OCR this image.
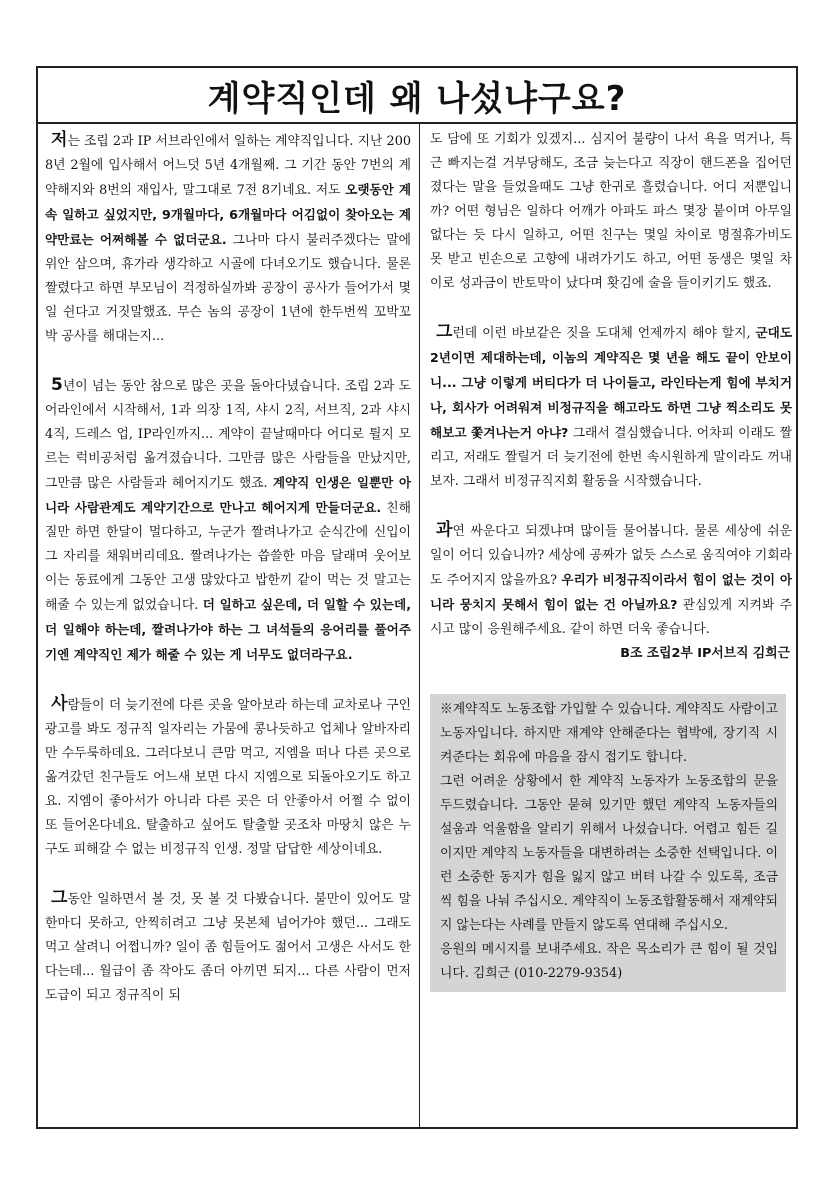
계약직인데 왜 나섰냐구요?

저는 조립 2과 IP 서브라인에서 일하는 계약직입니다. 지난 2008년 2월에 입사해서 어느덧 5년 4개월째. 그 기간 동안 7번의 계약해지와 8번의 재입사, 말그대로 7전 8기네요. 저도 오랫동안 계속 일하고 싶었지만, 9개월마다, 6개월마다 어김없이 찾아오는 계약만료는 어쩌해볼 수 없더군요. 그나마 다시 불러주겠다는 말에 위안 삼으며, 휴가라 생각하고 시골에 다녀오기도 했습니다. 물론 짤렸다고 하면 부모님이 걱정하실까봐 공장이 공사가 들어가서 몇일 쉰다고 거짓말했죠. 무슨 놈의 공장이 1년에 한두번씩 꼬박꼬박 공사를 해대는지...

5년이 넘는 동안 참으로 많은 곳을 돌아다녔습니다. 조립 2과 도어라인에서 시작해서, 1과 의장 1직, 샤시 2직, 서브직, 2과 샤시 4직, 드레스 업, IP라인까지... 계약이 끝날때마다 어디로 튈지 모르는 럭비공처럼 옮겨졌습니다. 그만큼 많은 사람들을 만났지만, 그만큼 많은 사람들과 헤어지기도 했죠. 계약직 인생은 일뿐만 아니라 사람관계도 계약기간으로 만나고 헤어지게 만들더군요. 친해질만 하면 한달이 멀다하고, 누군가 짤려나가고 순식간에 신입이 그 자리를 채워버리데요. 짤려나가는 씁쓸한 마음 달래며 웃어보이는 동료에게 그동안 고생 많았다고 밥한끼 같이 먹는 것 말고는 해줄 수 있는게 없었습니다. 더 일하고 싶은데, 더 일할 수 있는데, 더 일해야 하는데, 짤려나가야 하는 그 녀석들의 응어리를 풀어주기엔 계약직인 제가 해줄 수 있는 게 너무도 없더라구요.

사람들이 더 늦기전에 다른 곳을 알아보라 하는데 교차로나 구인광고를 봐도 정규직 일자리는 가뭄에 콩나듯하고 업체나 알바자리만 수두룩하데요. 그러다보니 큰맘 먹고, 지엠을 떠나 다른 곳으로 옮겨갔던 친구들도 어느새 보면 다시 지엠으로 되돌아오기도 하고요. 지엠이 좋아서가 아니라 다른 곳은 더 안좋아서 어쩔 수 없이 또 들어온다네요. 탈출하고 싶어도 탈출할 곳조차 마땅치 않은 누구도 피해갈 수 없는 비정규직 인생. 정말 답답한 세상이네요.

그동안 일하면서 볼 것, 못 볼 것 다봤습니다. 불만이 있어도 말한마디 못하고, 안찍히려고 그냥 못본체 넘어가야 했던... 그래도 먹고 살려니 어쩝니까? 일이 좀 힘들어도 젊어서 고생은 사서도 한다는데... 월급이 좀 작아도 좀더 아끼면 되지... 다른 사람이 먼저 도급이 되고 정규직이 되

도 담에 또 기회가 있겠지... 심지어 불량이 나서 욕을 먹거나, 특근 빠지는걸 거부당해도, 조금 늦는다고 직장이 핸드폰을 집어던졌다는 말을 들었을때도 그냥 한귀로 흘렸습니다. 어디 저뿐입니까? 어떤 형님은 일하다 어깨가 아파도 파스 몇장 붙이며 아무일 없다는 듯 다시 일하고, 어떤 친구는 몇일 차이로 명절휴가비도 못 받고 빈손으로 고향에 내려가기도 하고, 어떤 동생은 몇일 차이로 성과금이 반토막이 났다며 홧김에 술을 들이키기도 했죠.

그런데 이런 바보같은 짓을 도대체 언제까지 해야 할지, 군대도 2년이면 제대하는데, 이놈의 계약직은 몇 년을 해도 끝이 안보이니... 그냥 이렇게 버티다가 더 나이들고, 라인타는게 힘에 부치거나, 회사가 어려워져 비정규직을 해고라도 하면 그냥 찍소리도 못해보고 쫓겨나는거 아냐? 그래서 결심했습니다. 어차피 이래도 짤리고, 저래도 짤릴거 더 늦기전에 한번 속시원하게 말이라도 꺼내보자. 그래서 비정규직지회 활동을 시작했습니다.

과연 싸운다고 되겠냐며 많이들 물어봅니다. 물론 세상에 쉬운 일이 어디 있습니까? 세상에 공짜가 없듯 스스로 움직여야 기회라도 주어지지 않을까요? 우리가 비정규직이라서 힘이 없는 것이 아니라 뭉치지 못해서 힘이 없는 건 아닐까요? 관심있게 지켜봐 주시고 많이 응원해주세요. 같이 하면 더욱 좋습니다.

B조 조립2부 IP서브직 김희근

※계약직도 노동조합 가입할 수 있습니다. 계약직도 사람이고 노동자입니다. 하지만 재계약 안해준다는 협박에, 장기직 시켜준다는 회유에 마음을 잠시 접기도 합니다.

그런 어려운 상황에서 한 계약직 노동자가 노동조합의 문을 두드렸습니다. 그동안 묻혀 있기만 했던 계약직 노동자들의 설움과 억울함을 알리기 위해서 나섰습니다. 어렵고 힘든 길이지만 계약직 노동자들을 대변하려는 소중한 선택입니다. 이런 소중한 동지가 힘을 잃지 않고 버텨 나갈 수 있도록, 조금씩 힘을 나눠 주십시오. 계약직이 노동조합활동해서 재계약되지 않는다는 사례를 만들지 않도록 연대해 주십시오.

응원의 메시지를 보내주세요. 작은 목소리가 큰 힘이 될 것입니다. 김희근 (010-2279-9354)
